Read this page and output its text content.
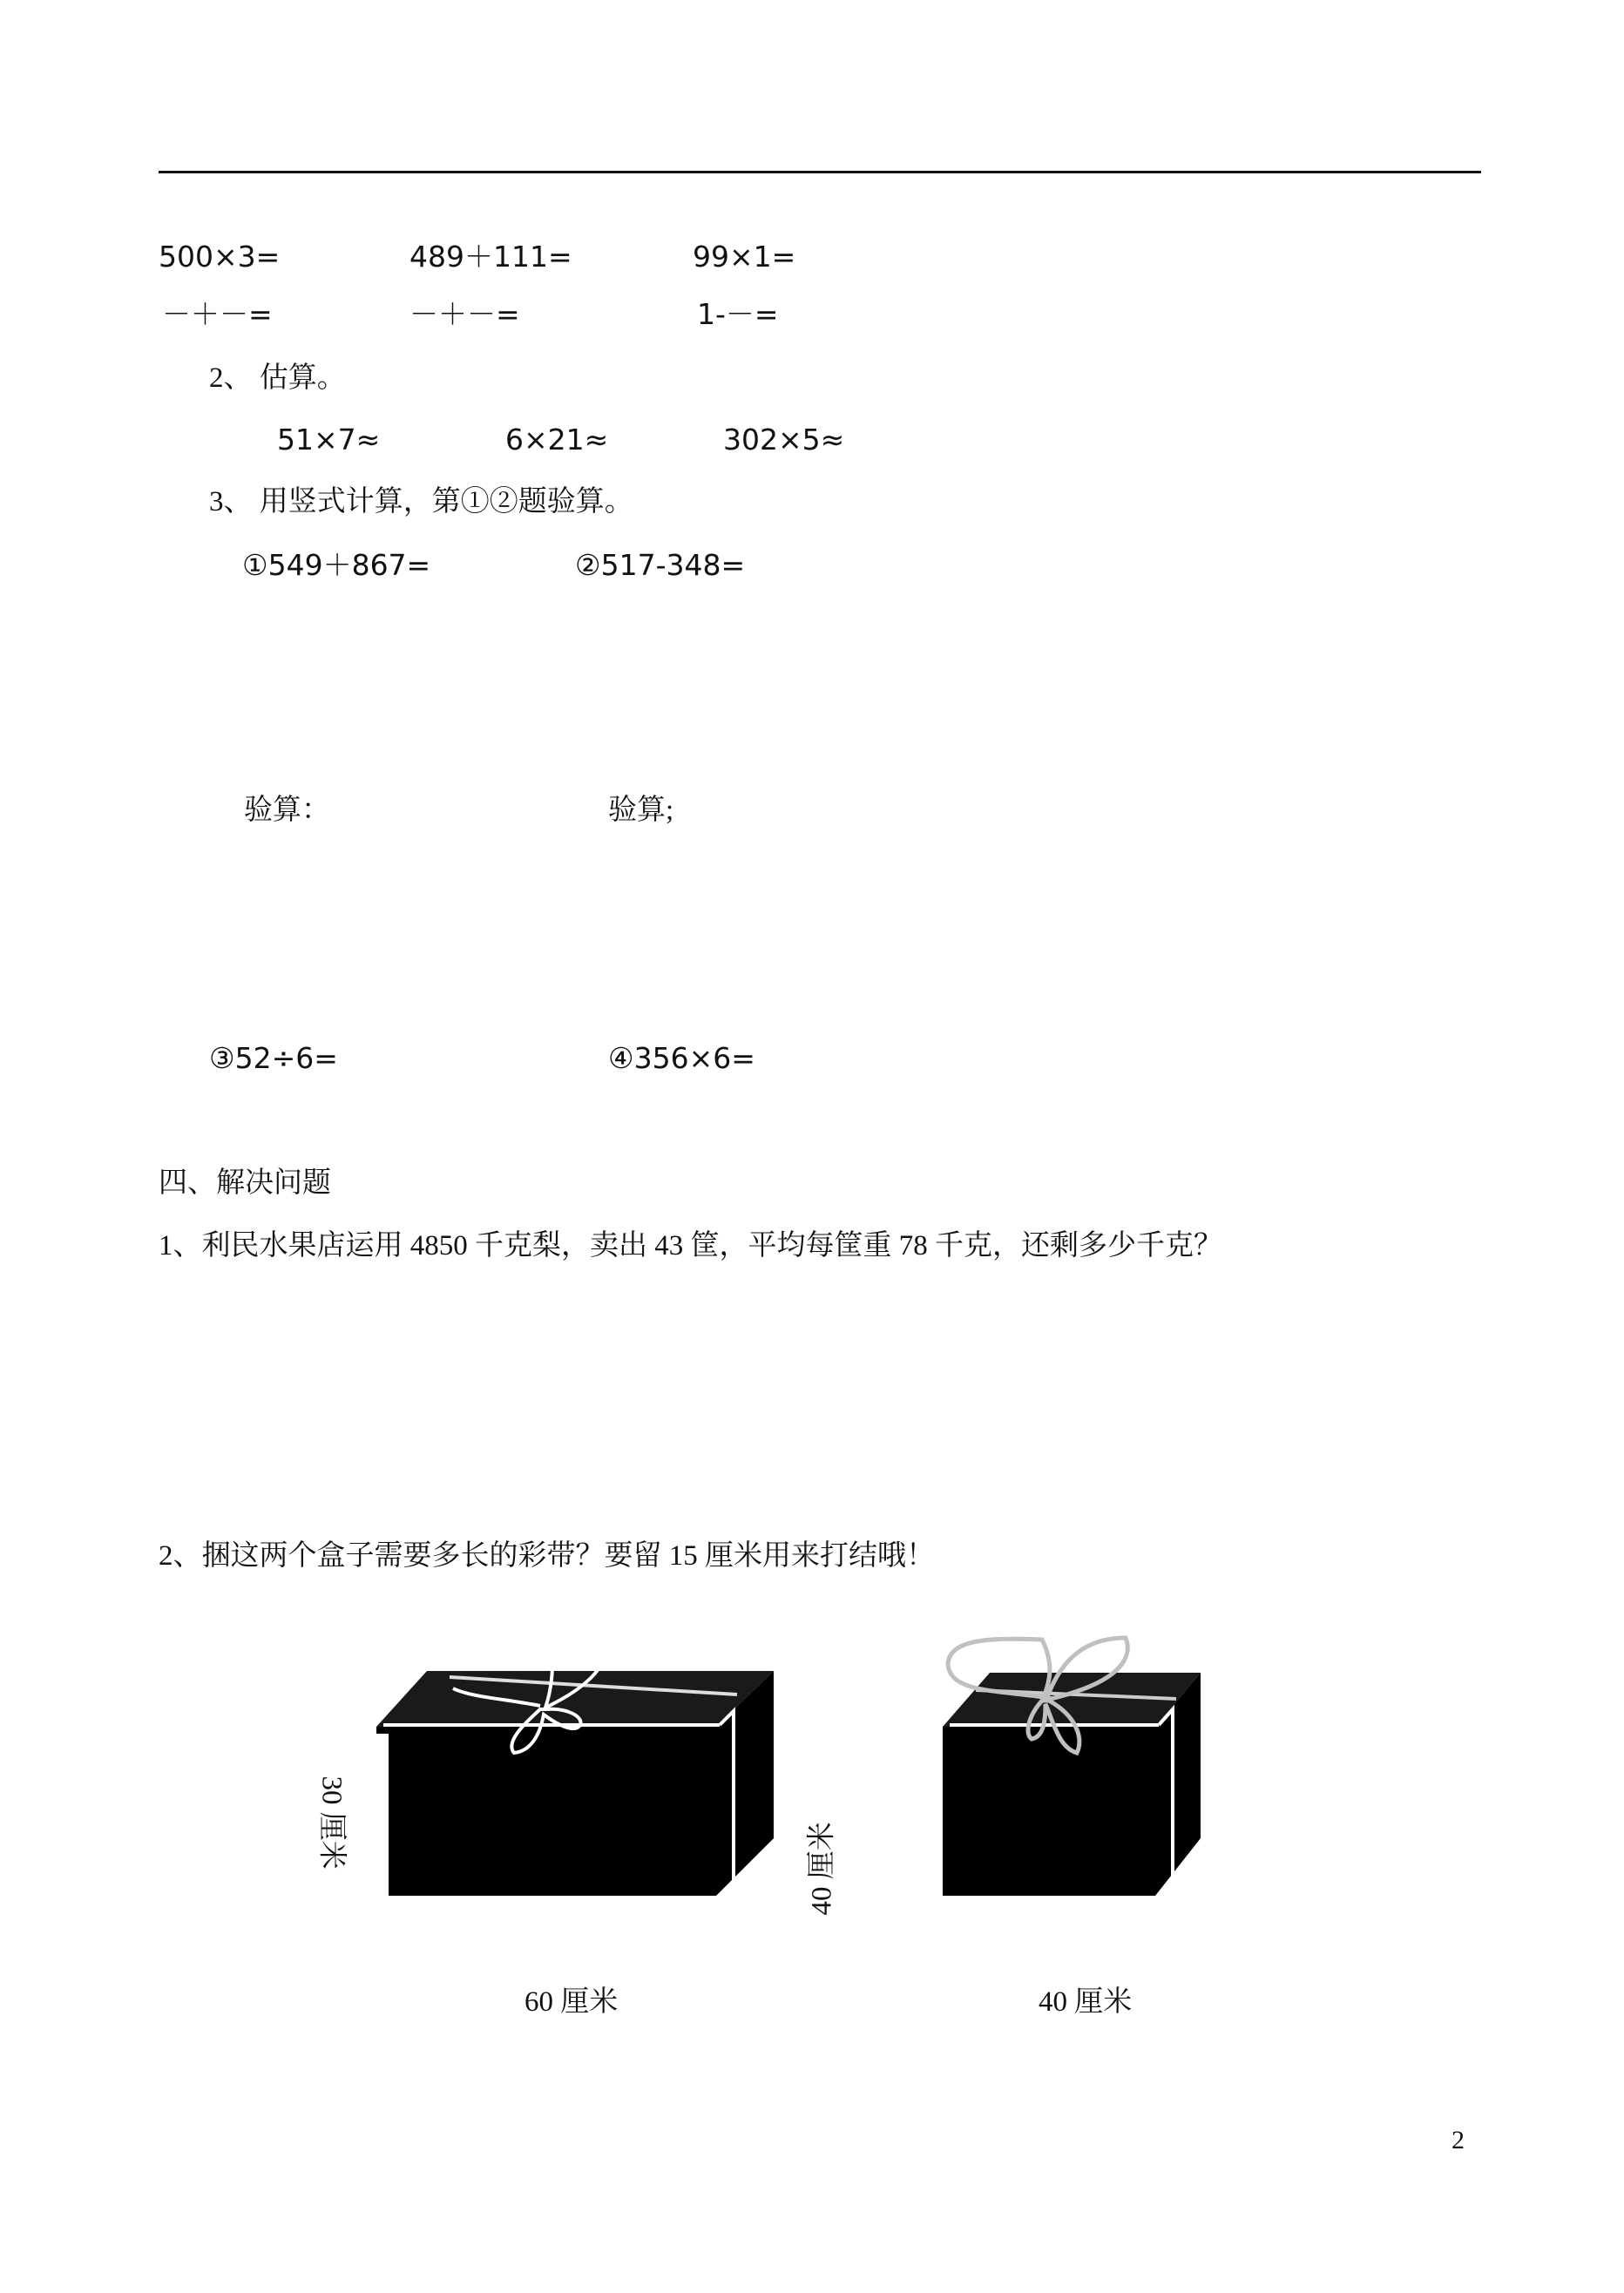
500×3=	489＋111=	99×1=
－＋－=	－＋－=	1-－=
2、 估算。
51×7≈	6×21≈	302×5≈
3、 用竖式计算，第①②题验算。
①549＋867=	②517-348=
验算：	验算;
③52÷6=	④356×6=
四、解决问题
1、利民水果店运用 4850 千克梨，卖出 43 筐，平均每筐重 78 千克，还剩多少千克？
2、捆这两个盒子需要多长的彩带？要留 15 厘米用来打结哦！
30 厘米	40 厘米
60 厘米	40 厘米
2
